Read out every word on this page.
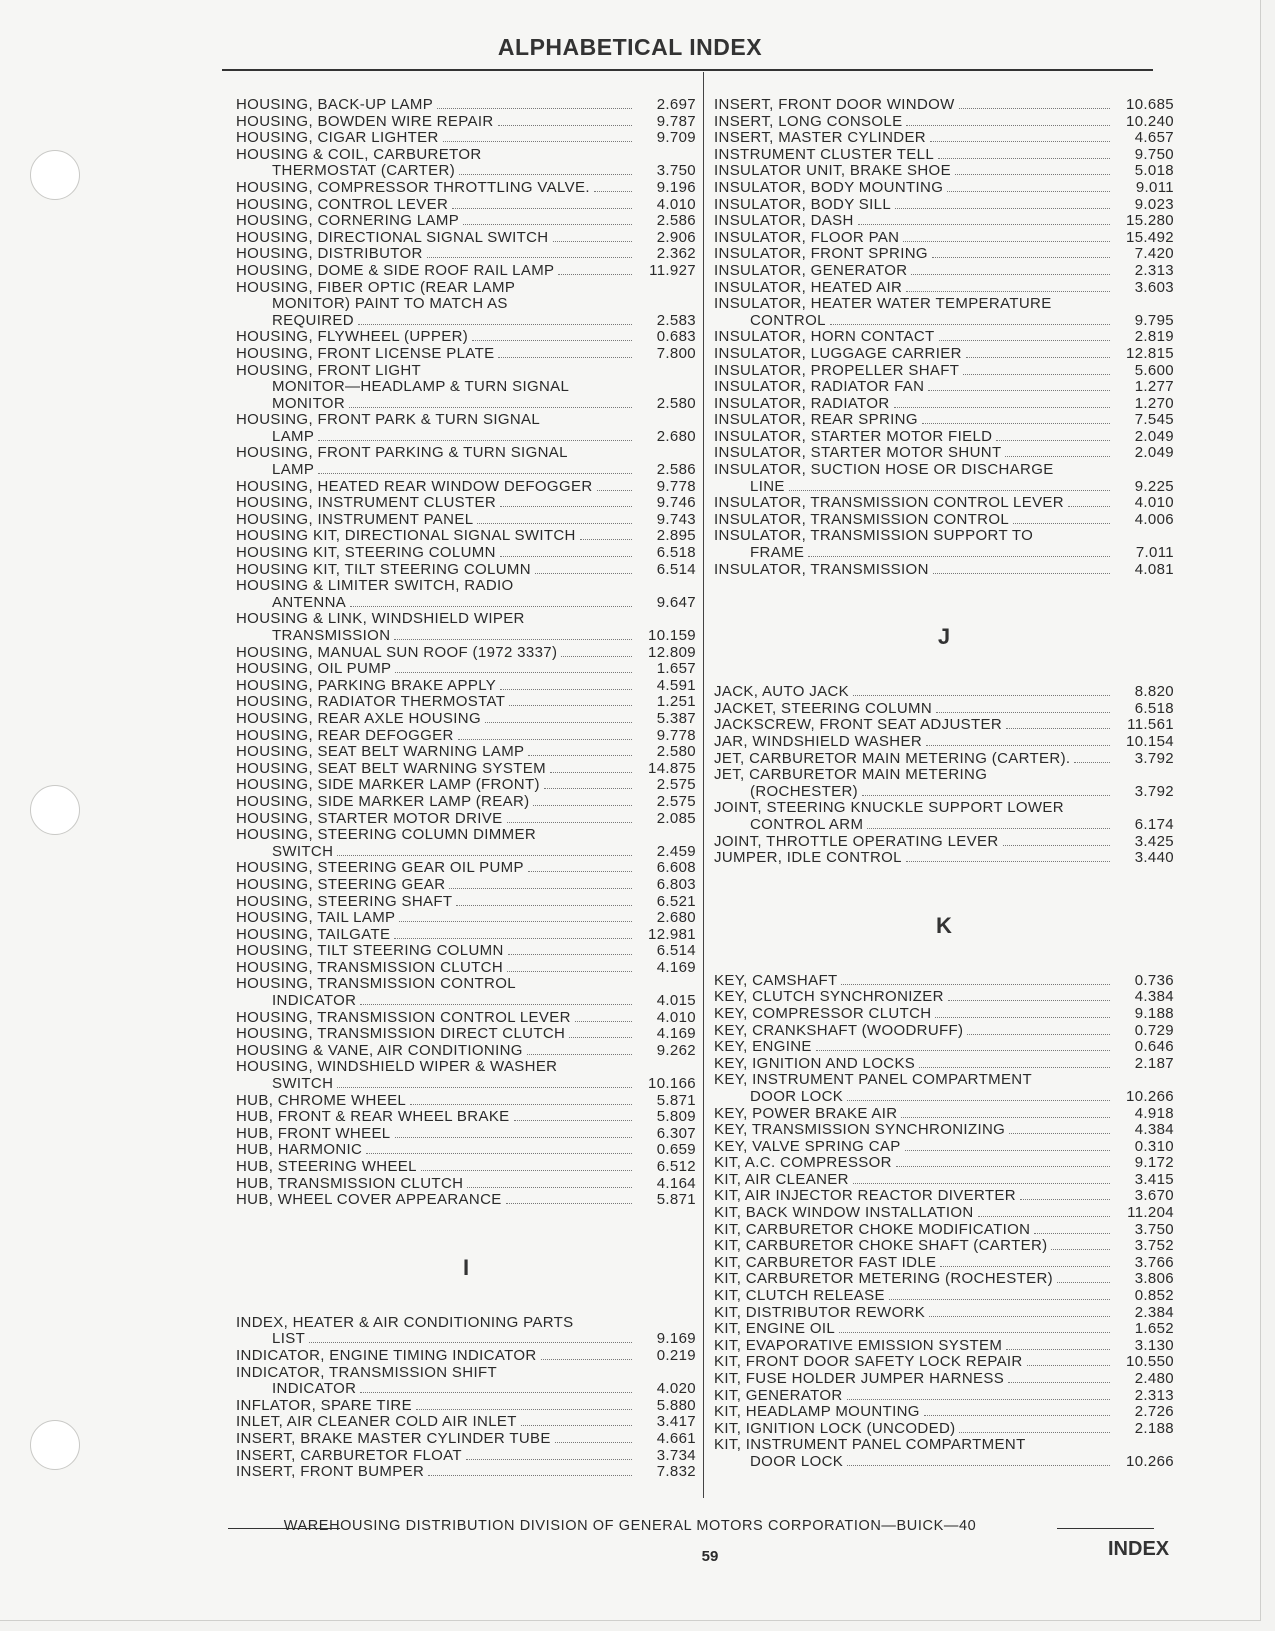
ALPHABETICAL INDEX
HOUSING, BACK-UP LAMP	2.697
HOUSING, BOWDEN WIRE REPAIR	9.787
HOUSING, CIGAR LIGHTER	9.709
HOUSING & COIL, CARBURETOR
THERMOSTAT (CARTER)	3.750
HOUSING, COMPRESSOR THROTTLING VALVE.	9.196
HOUSING, CONTROL LEVER	4.010
HOUSING, CORNERING LAMP	2.586
HOUSING, DIRECTIONAL SIGNAL SWITCH	2.906
HOUSING, DISTRIBUTOR	2.362
HOUSING, DOME & SIDE ROOF RAIL LAMP	11.927
HOUSING, FIBER OPTIC (REAR LAMP
MONITOR) PAINT TO MATCH AS
REQUIRED	2.583
HOUSING, FLYWHEEL (UPPER)	0.683
HOUSING, FRONT LICENSE PLATE	7.800
HOUSING, FRONT LIGHT
MONITOR—HEADLAMP & TURN SIGNAL
MONITOR	2.580
HOUSING, FRONT PARK & TURN SIGNAL
LAMP	2.680
HOUSING, FRONT PARKING & TURN SIGNAL
LAMP	2.586
HOUSING, HEATED REAR WINDOW DEFOGGER	9.778
HOUSING, INSTRUMENT CLUSTER	9.746
HOUSING, INSTRUMENT PANEL	9.743
HOUSING KIT, DIRECTIONAL SIGNAL SWITCH	2.895
HOUSING KIT, STEERING COLUMN	6.518
HOUSING KIT, TILT STEERING COLUMN	6.514
HOUSING & LIMITER SWITCH, RADIO
ANTENNA	9.647
HOUSING & LINK, WINDSHIELD WIPER
TRANSMISSION	10.159
HOUSING, MANUAL SUN ROOF (1972 3337)	12.809
HOUSING, OIL PUMP	1.657
HOUSING, PARKING BRAKE APPLY	4.591
HOUSING, RADIATOR THERMOSTAT	1.251
HOUSING, REAR AXLE HOUSING	5.387
HOUSING, REAR DEFOGGER	9.778
HOUSING, SEAT BELT WARNING LAMP	2.580
HOUSING, SEAT BELT WARNING SYSTEM	14.875
HOUSING, SIDE MARKER LAMP (FRONT)	2.575
HOUSING, SIDE MARKER LAMP (REAR)	2.575
HOUSING, STARTER MOTOR DRIVE	2.085
HOUSING, STEERING COLUMN DIMMER
SWITCH	2.459
HOUSING, STEERING GEAR OIL PUMP	6.608
HOUSING, STEERING GEAR	6.803
HOUSING, STEERING SHAFT	6.521
HOUSING, TAIL LAMP	2.680
HOUSING, TAILGATE	12.981
HOUSING, TILT STEERING COLUMN	6.514
HOUSING, TRANSMISSION CLUTCH	4.169
HOUSING, TRANSMISSION CONTROL
INDICATOR	4.015
HOUSING, TRANSMISSION CONTROL LEVER	4.010
HOUSING, TRANSMISSION DIRECT CLUTCH	4.169
HOUSING & VANE, AIR CONDITIONING	9.262
HOUSING, WINDSHIELD WIPER & WASHER
SWITCH	10.166
HUB, CHROME WHEEL	5.871
HUB, FRONT & REAR WHEEL BRAKE	5.809
HUB, FRONT WHEEL	6.307
HUB, HARMONIC	0.659
HUB, STEERING WHEEL	6.512
HUB, TRANSMISSION CLUTCH	4.164
HUB, WHEEL COVER APPEARANCE	5.871
I
INDEX, HEATER & AIR CONDITIONING PARTS
LIST	9.169
INDICATOR, ENGINE TIMING INDICATOR	0.219
INDICATOR, TRANSMISSION SHIFT
INDICATOR	4.020
INFLATOR, SPARE TIRE	5.880
INLET, AIR CLEANER COLD AIR INLET	3.417
INSERT, BRAKE MASTER CYLINDER TUBE	4.661
INSERT, CARBURETOR FLOAT	3.734
INSERT, FRONT BUMPER	7.832
INSERT, FRONT DOOR WINDOW	10.685
INSERT, LONG CONSOLE	10.240
INSERT, MASTER CYLINDER	4.657
INSTRUMENT CLUSTER TELL	9.750
INSULATOR UNIT, BRAKE SHOE	5.018
INSULATOR, BODY MOUNTING	9.011
INSULATOR, BODY SILL	9.023
INSULATOR, DASH	15.280
INSULATOR, FLOOR PAN	15.492
INSULATOR, FRONT SPRING	7.420
INSULATOR, GENERATOR	2.313
INSULATOR, HEATED AIR	3.603
INSULATOR, HEATER WATER TEMPERATURE
CONTROL	9.795
INSULATOR, HORN CONTACT	2.819
INSULATOR, LUGGAGE CARRIER	12.815
INSULATOR, PROPELLER SHAFT	5.600
INSULATOR, RADIATOR FAN	1.277
INSULATOR, RADIATOR	1.270
INSULATOR, REAR SPRING	7.545
INSULATOR, STARTER MOTOR FIELD	2.049
INSULATOR, STARTER MOTOR SHUNT	2.049
INSULATOR, SUCTION HOSE OR DISCHARGE
LINE	9.225
INSULATOR, TRANSMISSION CONTROL LEVER	4.010
INSULATOR, TRANSMISSION CONTROL	4.006
INSULATOR, TRANSMISSION SUPPORT TO
FRAME	7.011
INSULATOR, TRANSMISSION	4.081
J
JACK, AUTO JACK	8.820
JACKET, STEERING COLUMN	6.518
JACKSCREW, FRONT SEAT ADJUSTER	11.561
JAR, WINDSHIELD WASHER	10.154
JET, CARBURETOR MAIN METERING (CARTER).	3.792
JET, CARBURETOR MAIN METERING
(ROCHESTER)	3.792
JOINT, STEERING KNUCKLE SUPPORT LOWER
CONTROL ARM	6.174
JOINT, THROTTLE OPERATING LEVER	3.425
JUMPER, IDLE CONTROL	3.440
K
KEY, CAMSHAFT	0.736
KEY, CLUTCH SYNCHRONIZER	4.384
KEY, COMPRESSOR CLUTCH	9.188
KEY, CRANKSHAFT (WOODRUFF)	0.729
KEY, ENGINE	0.646
KEY, IGNITION AND LOCKS	2.187
KEY, INSTRUMENT PANEL COMPARTMENT
DOOR LOCK	10.266
KEY, POWER BRAKE AIR	4.918
KEY, TRANSMISSION SYNCHRONIZING	4.384
KEY, VALVE SPRING CAP	0.310
KIT, A.C. COMPRESSOR	9.172
KIT, AIR CLEANER	3.415
KIT, AIR INJECTOR REACTOR DIVERTER	3.670
KIT, BACK WINDOW INSTALLATION	11.204
KIT, CARBURETOR CHOKE MODIFICATION	3.750
KIT, CARBURETOR CHOKE SHAFT (CARTER)	3.752
KIT, CARBURETOR FAST IDLE	3.766
KIT, CARBURETOR METERING (ROCHESTER)	3.806
KIT, CLUTCH RELEASE	0.852
KIT, DISTRIBUTOR REWORK	2.384
KIT, ENGINE OIL	1.652
KIT, EVAPORATIVE EMISSION SYSTEM	3.130
KIT, FRONT DOOR SAFETY LOCK REPAIR	10.550
KIT, FUSE HOLDER JUMPER HARNESS	2.480
KIT, GENERATOR	2.313
KIT, HEADLAMP MOUNTING	2.726
KIT, IGNITION LOCK (UNCODED)	2.188
KIT, INSTRUMENT PANEL COMPARTMENT
DOOR LOCK	10.266
WAREHOUSING DISTRIBUTION DIVISION OF GENERAL MOTORS CORPORATION—BUICK—40
59	INDEX
